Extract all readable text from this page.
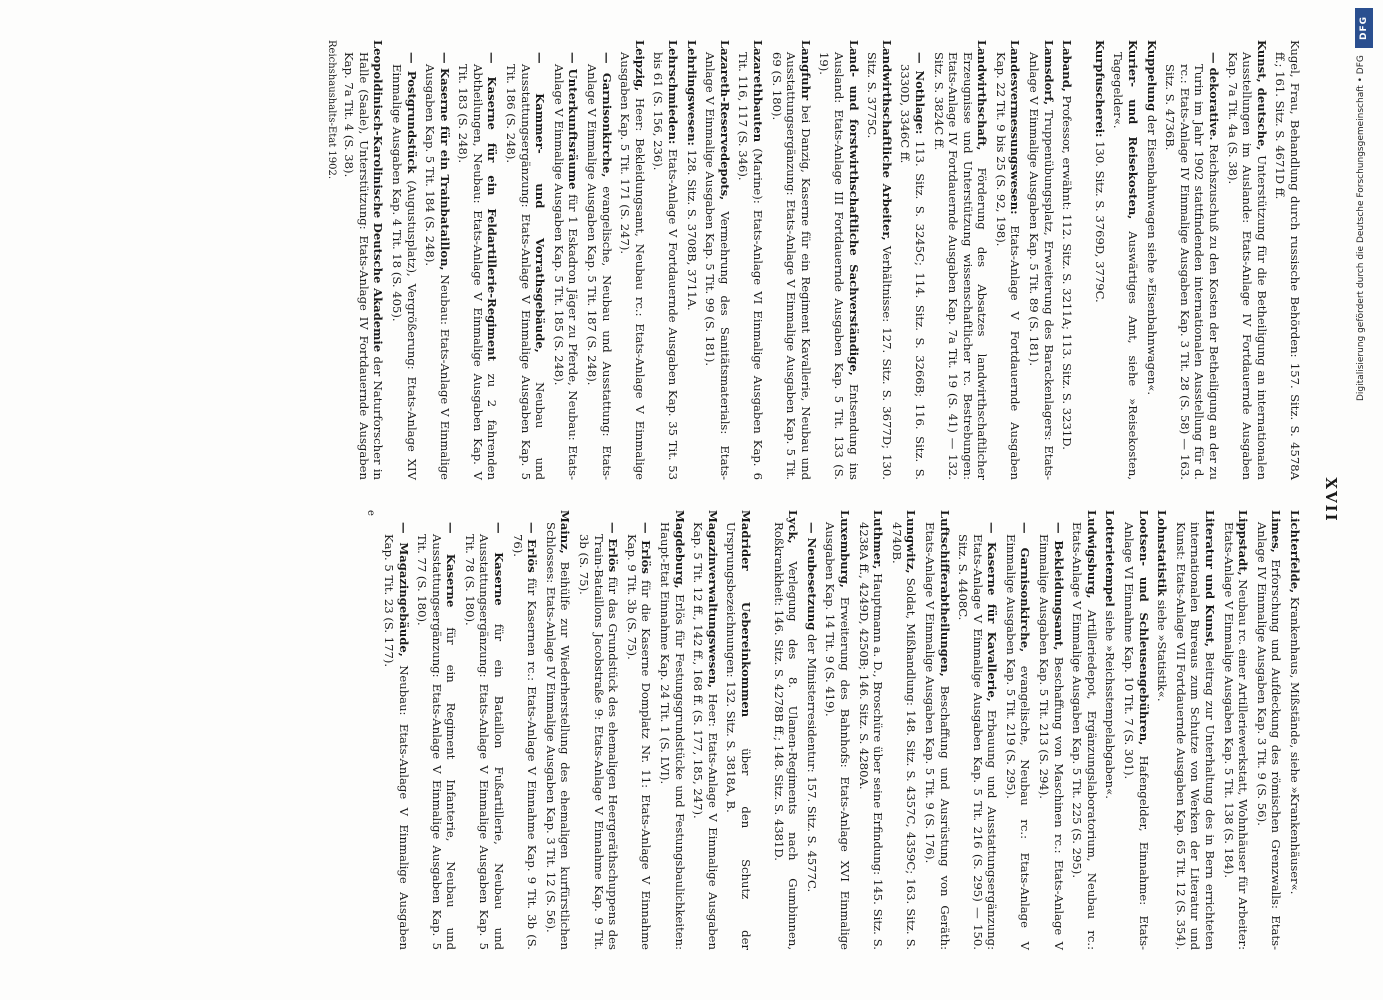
DFG
Digitalisierung gefördert durch die Deutsche Forschungsgemeinschaft • DFG
XVII

Kugel, Frau, Behandlung durch russische Behörden: 157. Sitz. S. 4578A ff.; 161. Sitz. S. 4671D ff.

Kunst, deutsche, Unterstützung für die Betheiligung an internationalen Ausstellungen im Auslande: Etats-Anlage IV Fortdauernde Ausgaben Kap. 7a Tit. 4a (S. 38).

— dekorative. Reichszuschuß zu den Kosten der Betheiligung an der zu Turin im Jahr 1902 stattfindenden internationalen Ausstellung für d. rc.: Etats-Anlage IV Einmalige Ausgaben Kap. 3 Tit. 28 (S. 58) — 163. Sitz. S. 4736B.

Kuppelung der Eisenbahnwagen siehe »Eisenbahnwagen«.

Kurier- und Reisekosten, Auswärtiges Amt, siehe »Reisekosten, Tagegelder«.

Kurpfuscherei: 130. Sitz. S. 3769D, 3779C.

Laband, Professor, erwähnt: 112. Sitz. S. 3211A; 113. Sitz. S. 3231D.

Lamsdorf, Truppenübungsplatz, Erweiterung des Barackenlagers: Etats-Anlage V Einmalige Ausgaben Kap. 5 Tit. 89 (S. 181).

Landesvermessungswesen: Etats-Anlage V Fortdauernde Ausgaben Kap. 22 Tit. 9 bis 25 (S. 92, 198).

Landwirthschaft, Förderung des Absatzes landwirthschaftlicher Erzeugnisse und Unterstützung wissenschaftlicher rc. Bestrebungen: Etats-Anlage IV Fortdauernde Ausgaben Kap. 7a Tit. 19 (S. 41) — 132. Sitz. S. 3824C ff.

— Nothlage: 113. Sitz. S. 3245C; 114. Sitz. S. 3266B; 116. Sitz. S. 3330D, 3346C ff.

Landwirthschaftliche Arbeiter, Verhältnisse: 127. Sitz. S. 3677D; 130. Sitz. S. 3775C.

Land- und forstwirthschaftliche Sachverständige, Entsendung ins Ausland: Etats-Anlage III Fortdauernde Ausgaben Kap. 5 Tit. 133 (S. 19).

Langfuhr bei Danzig, Kaserne für ein Regiment Kavallerie, Neubau und Ausstattungsergänzung: Etats-Anlage V Einmalige Ausgaben Kap. 5 Tit. 69 (S. 180).

Lazarethbauten (Marine): Etats-Anlage VI Einmalige Ausgaben Kap. 6 Tit. 116, 117 (S. 346).

Lazareth-Reservedepots, Vermehrung des Sanitätsmaterials: Etats-Anlage V Einmalige Ausgaben Kap. 5 Tit. 99 (S. 181).

Lehrlingswesen: 128. Sitz. S. 3708B, 3711A.

Lehrschmieden: Etats-Anlage V Fortdauernde Ausgaben Kap. 35 Tit. 53 bis 61 (S. 156, 236).

Leipzig, Heer: Bekleidungsamt, Neubau rc.: Etats-Anlage V Einmalige Ausgaben Kap. 5 Tit. 171 (S. 247).

— Garnisonkirche, evangelische, Neubau und Ausstattung: Etats-Anlage V Einmalige Ausgaben Kap. 5 Tit. 187 (S. 248).

— Unterkunftsräume für 1 Eskadron Jäger zu Pferde, Neubau: Etats-Anlage V Einmalige Ausgaben Kap. 5 Tit. 185 (S. 248).

— Kammer- und Vorrathsgebäude, Neubau und Ausstattungsergänzung: Etats-Anlage V Einmalige Ausgaben Kap. 5 Tit. 186 (S. 248).

— Kaserne für ein Feldartillerie-Regiment zu 2 fahrenden Abtheilungen, Neubau: Etats-Anlage V Einmalige Ausgaben Kap. V Tit. 183 (S. 248).

— Kaserne für ein Trainbataillon, Neubau: Etats-Anlage V Einmalige Ausgaben Kap. 5 Tit. 184 (S. 248).

— Postgrundstück (Augustusplatz), Vergrößerung: Etats-Anlage XIV Einmalige Ausgaben Kap. 4 Tit. 18 (S. 405).

Leopoldinisch-Karolinische Deutsche Akademie der Naturforscher in Halle (Saale), Unterstützung: Etats-Anlage IV Fortdauernde Ausgaben Kap. 7a Tit. 4 (S. 38).

Reichshaushalts-Etat 1902.

Lichterfelde, Krankenhaus, Mißstände, siehe »Krankenhäuser«.

Limes, Erforschung und Aufdeckung des römischen Grenzwalls: Etats-Anlage IV Einmalige Ausgaben Kap. 3 Tit. 9 (S. 56).

Lippstadt, Neubau rc. einer Artilleriewerkstatt, Wohnhäuser für Arbeiter: Etats-Anlage V Einmalige Ausgaben Kap. 5 Tit. 138 (S. 184).

Literatur und Kunst, Beitrag zur Unterhaltung des in Bern errichteten internationalen Bureaus zum Schutze von Werken der Literatur und Kunst: Etats-Anlage VII Fortdauernde Ausgaben Kap. 65 Tit. 12 (S. 354).

Lohnstatistik siehe »Statistik«.

Lootsen- und Schleusengebühren, Hafengelder, Einnahme: Etats-Anlage VI Einnahme Kap. 10 Tit. 7 (S. 301).

Lotterietempel siehe »Reichsstempelabgaben«.

Ludwigsburg, Artilleriedepot, Ergänzungslaboratorium, Neubau rc.: Etats-Anlage V Einmalige Ausgaben Kap. 5 Tit. 225 (S. 295).

— Bekleidungsamt, Beschaffung von Maschinen rc.: Etats-Anlage V Einmalige Ausgaben Kap. 5 Tit. 213 (S. 294).

— Garnisonkirche, evangelische, Neubau rc.: Etats-Anlage V Einmalige Ausgaben Kap. 5 Tit. 219 (S. 295).

— Kaserne für Kavallerie, Erbauung und Ausstattungsergänzung: Etats-Anlage V Einmalige Ausgaben Kap. 5 Tit. 216 (S. 295) — 150. Sitz. S. 4408C.

Luftschifferabtheilungen, Beschaffung und Ausrüstung von Geräth: Etats-Anlage V Einmalige Ausgaben Kap. 5 Tit. 9 (S. 176).

Lungwitz, Soldat, Mißhandlung: 148. Sitz. S. 4357C, 4359C; 163. Sitz. S. 4740B.

Luthmer, Hauptmann a. D., Broschüre über seine Erfindung: 145. Sitz. S. 4238A ff., 4249D, 4250B; 146. Sitz. S. 4280A.

Luxemburg, Erweiterung des Bahnhofs: Etats-Anlage XVI Einmalige Ausgaben Kap. 14 Tit. 9 (S. 419).

— Neubesetzung der Ministerresidentur: 157. Sitz. S. 4577C.

Lyck, Verlegung des 8. Ulanen-Regiments nach Gumbinnen, Roßkrankheit: 146. Sitz. S. 4278B ff.; 148. Sitz. S. 4381D.

Madrider Uebereinkommen über den Schutz der Ursprungsbezeichnungen: 132. Sitz. S. 3818A, B.

Magazinverwaltungswesen, Heer: Etats-Anlage V Einmalige Ausgaben Kap. 5 Tit. 12 ff., 142 ff., 168 ff. (S. 177, 185, 247).

Magdeburg, Erlös für Festungsgrundstücke und Festungsbaulichkeiten: Haupt-Etat Einnahme Kap. 24 Tit. 1 (S. LVI).

— Erlös für die Kaserne Domplatz Nr. 11: Etats-Anlage V Einnahme Kap. 9 Tit. 3b (S. 75).

— Erlös für das Grundstück des ehemaligen Heergeräthschuppens des Train-Bataillons Jacobstraße 9: Etats-Anlage V Einnahme Kap. 9 Tit. 3b (S. 75).

Mainz, Beihülfe zur Wiederherstellung des ehemaligen kurfürstlichen Schlosses: Etats-Anlage IV Einmalige Ausgaben Kap. 3 Tit. 12 (S. 56).

— Erlös für Kasernen rc.: Etats-Anlage V Einnahme Kap. 9 Tit. 3b (S. 76).

— Kaserne für ein Bataillon Fußartillerie, Neubau und Ausstattungsergänzung: Etats-Anlage V Einmalige Ausgaben Kap. 5 Tit. 78 (S. 180).

— Kaserne für ein Regiment Infanterie, Neubau und Ausstattungsergänzung: Etats-Anlage V Einmalige Ausgaben Kap. 5 Tit. 77 (S. 180).

— Magazingebäude, Neubau: Etats-Anlage V Einmalige Ausgaben Kap. 5 Tit. 23 (S. 177).

e
